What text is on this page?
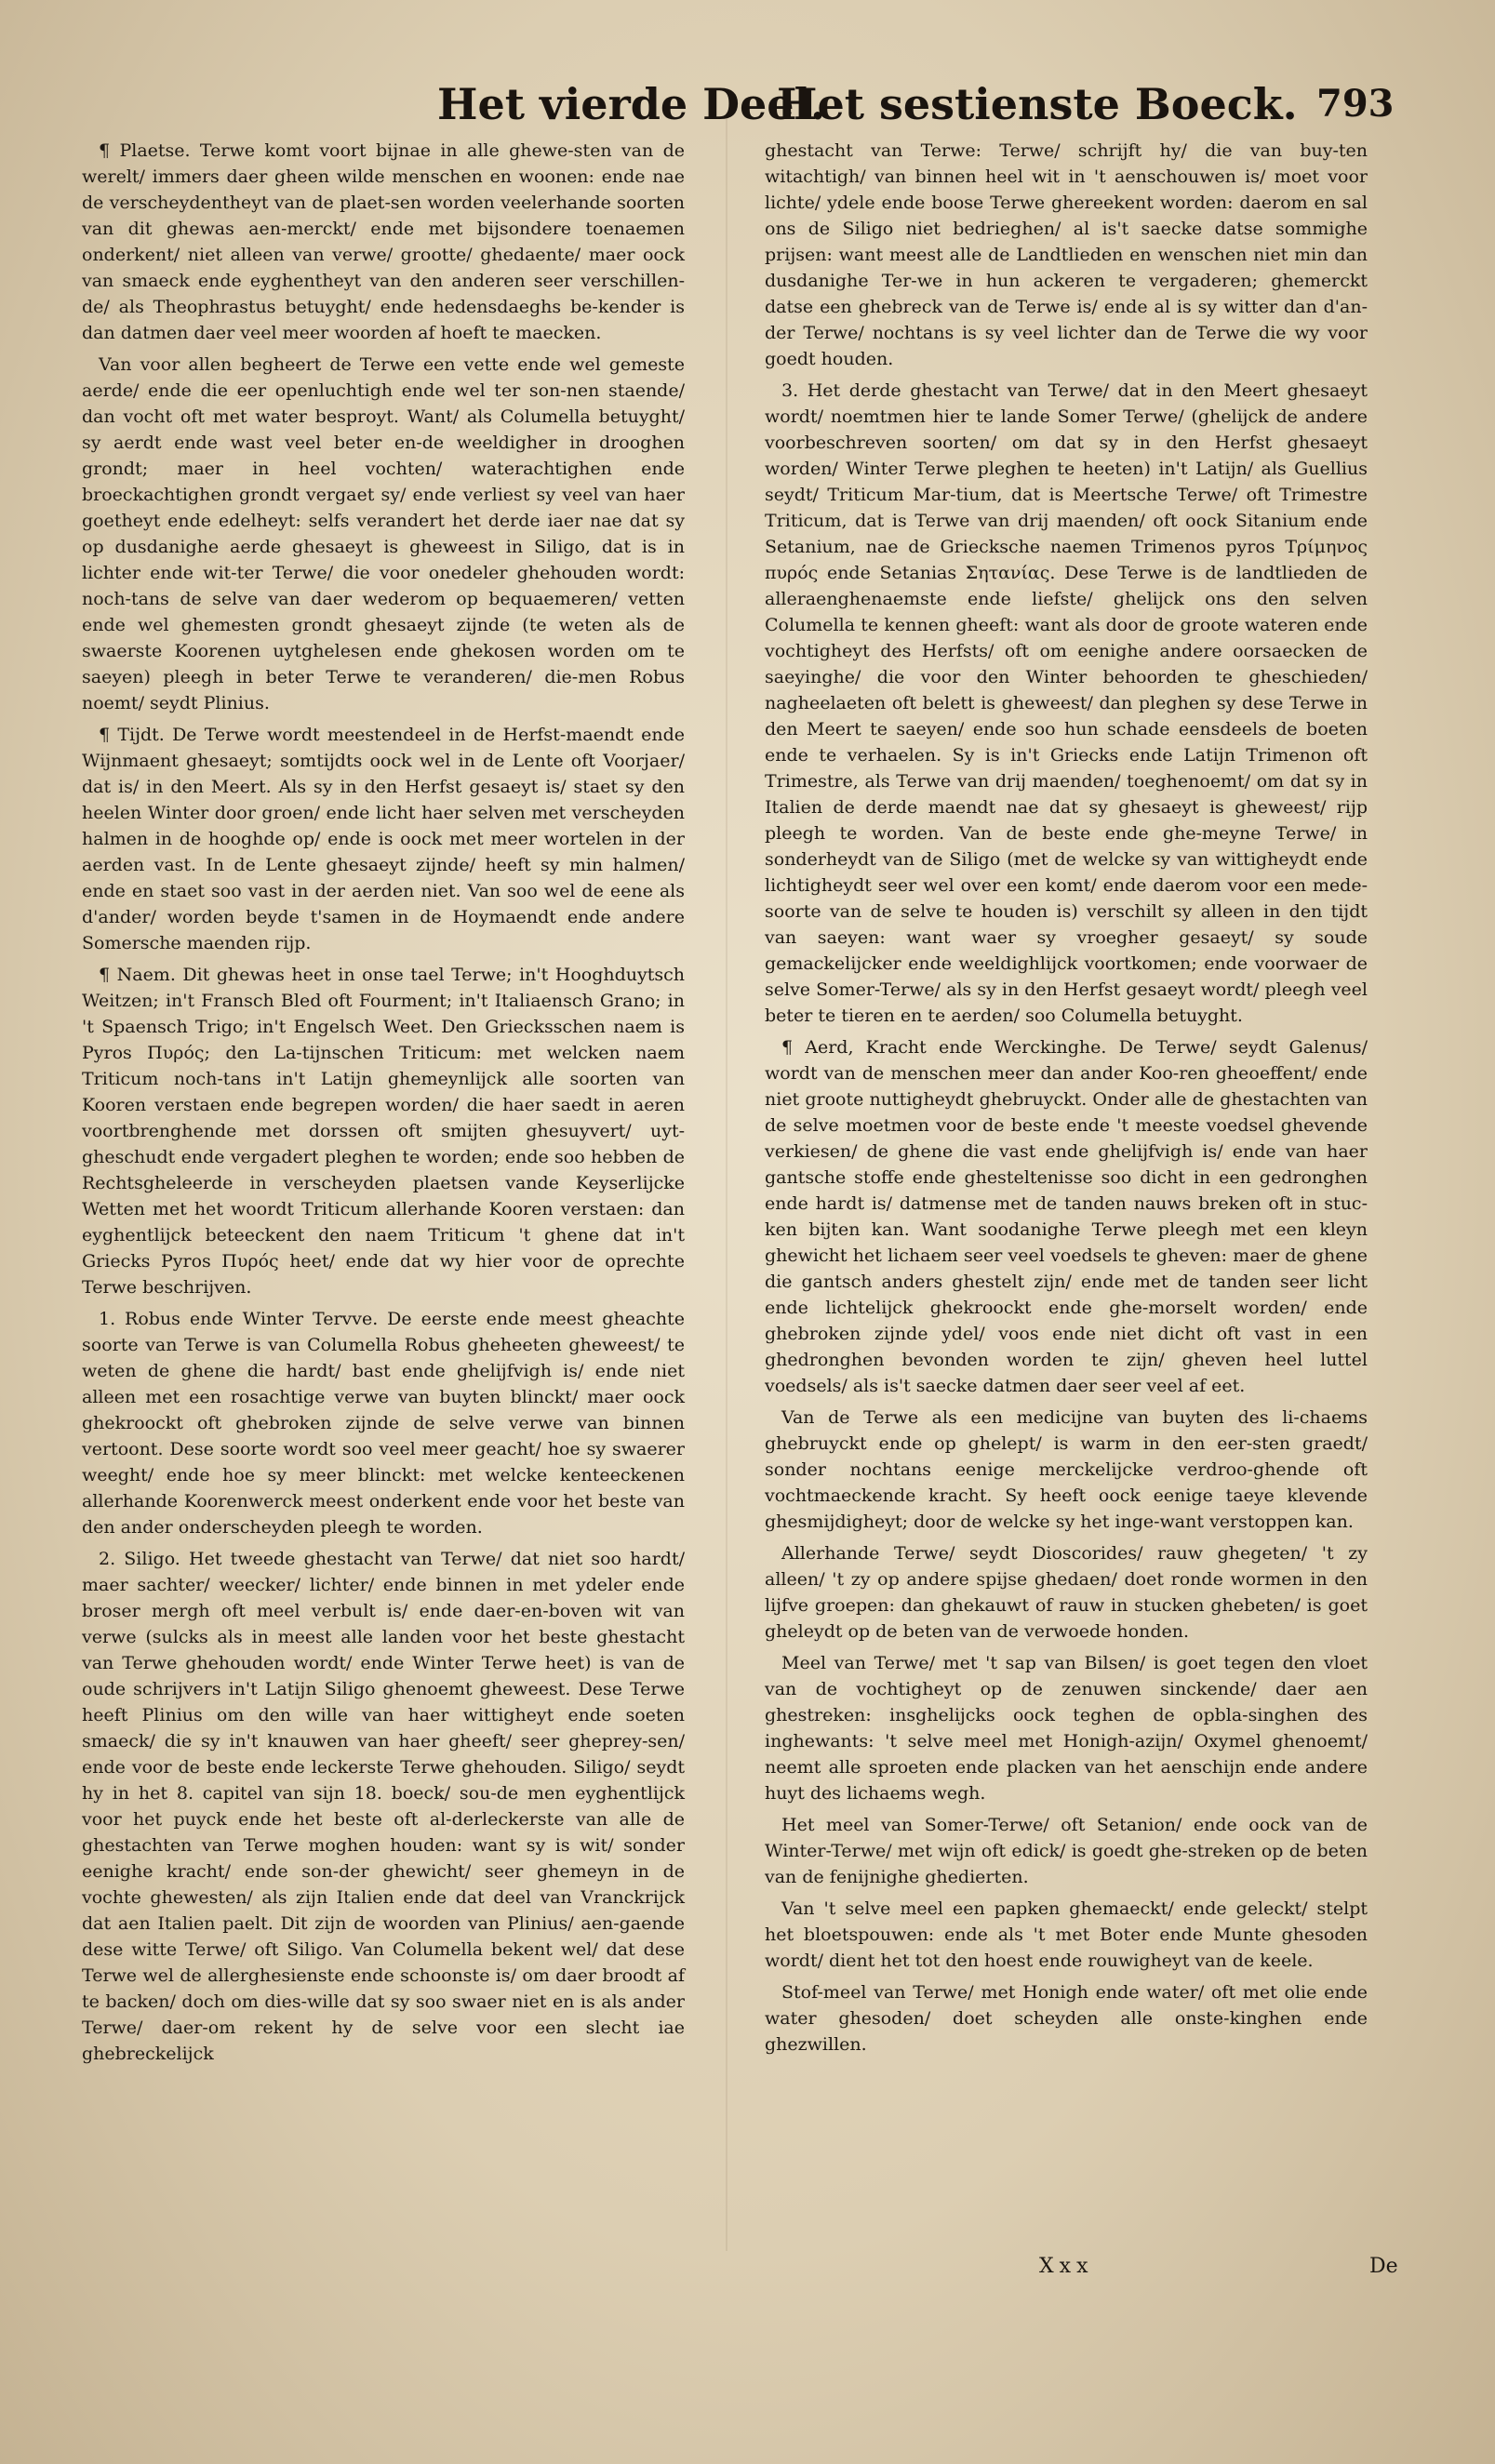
Het vierde Deel.
Het sestienste Boeck. 793

¶ Plaetse. Terwe komt voort bijnae in alle ghewe-sten van de werelt/ immers daer gheen wilde menschen en woonen: ende nae de verscheydentheyt van de plaet-sen worden veelerhande soorten van dit ghewas aen-merckt/ ende met bijsondere toenaemen onderkent/ niet alleen van verwe/ grootte/ ghedaente/ maer oock van smaeck ende eyghentheyt van den anderen seer verschillen-de/ als Theophrastus betuyght/ ende hedensdaeghs be-kender is dan datmen daer veel meer woorden af hoeft te maecken.

Van voor allen begheert de Terwe een vette ende wel gemeste aerde/ ende die eer openluchtigh ende wel ter son-nen staende/ dan vocht oft met water besproyt. Want/ als Columella betuyght/ sy aerdt ende wast veel beter en-de weeldigher in drooghen grondt; maer in heel vochten/ waterachtighen ende broeckachtighen grondt vergaet sy/ ende verliest sy veel van haer goetheyt ende edelheyt: selfs verandert het derde iaer nae dat sy op dusdanighe aerde ghesaeyt is gheweest in Siligo, dat is in lichter ende wit-ter Terwe/ die voor onedeler ghehouden wordt: noch-tans de selve van daer wederom op bequaemeren/ vetten ende wel ghemesten grondt ghesaeyt zijnde (te weten als de swaerste Koorenen uytghelesen ende ghekosen worden om te saeyen) pleegh in beter Terwe te veranderen/ die-men Robus noemt/ seydt Plinius.

¶ Tijdt. De Terwe wordt meestendeel in de Herfst-maendt ende Wijnmaent ghesaeyt; somtijdts oock wel in de Lente oft Voorjaer/ dat is/ in den Meert. Als sy in den Herfst gesaeyt is/ staet sy den heelen Winter door groen/ ende licht haer selven met verscheyden halmen in de hooghde op/ ende is oock met meer wortelen in der aerden vast. In de Lente ghesaeyt zijnde/ heeft sy min halmen/ ende en staet soo vast in der aerden niet. Van soo wel de eene als d'ander/ worden beyde t'samen in de Hoymaendt ende andere Somersche maenden rijp.

¶ Naem. Dit ghewas heet in onse tael Terwe; in't Hooghduytsch Weitzen; in't Fransch Bled oft Fourment; in't Italiaensch Grano; in 't Spaensch Trigo; in't Engelsch Weet. Den Griecksschen naem is Pyros Πυρός; den La-tijnschen Triticum: met welcken naem Triticum noch-tans in't Latijn ghemeynlijck alle soorten van Kooren verstaen ende begrepen worden/ die haer saedt in aeren voortbrenghende met dorssen oft smijten ghesuyvert/ uyt-gheschudt ende vergadert pleghen te worden; ende soo hebben de Rechtsgheleerde in verscheyden plaetsen vande Keyserlijcke Wetten met het woordt Triticum allerhande Kooren verstaen: dan eyghentlijck beteeckent den naem Triticum 't ghene dat in't Griecks Pyros Πυρός heet/ ende dat wy hier voor de oprechte Terwe beschrijven.

1. Robus ende Winter Tervve. De eerste ende meest gheachte soorte van Terwe is van Columella Robus gheheeten gheweest/ te weten de ghene die hardt/ bast ende ghelijfvigh is/ ende niet alleen met een rosachtige verwe van buyten blinckt/ maer oock ghekroockt oft ghebroken zijnde de selve verwe van binnen vertoont. Dese soorte wordt soo veel meer geacht/ hoe sy swaerer weeght/ ende hoe sy meer blinckt: met welcke kenteeckenen allerhande Koorenwerck meest onderkent ende voor het beste van den ander onderscheyden pleegh te worden.

2. Siligo. Het tweede ghestacht van Terwe/ dat niet soo hardt/ maer sachter/ weecker/ lichter/ ende binnen in met ydeler ende broser mergh oft meel verbult is/ ende daer-en-boven wit van verwe (sulcks als in meest alle landen voor het beste ghestacht van Terwe ghehouden wordt/ ende Winter Terwe heet) is van de oude schrijvers in't Latijn Siligo ghenoemt gheweest. Dese Terwe heeft Plinius om den wille van haer wittigheyt ende soeten smaeck/ die sy in't knauwen van haer gheeft/ seer gheprey-sen/ ende voor de beste ende leckerste Terwe ghehouden. Siligo/ seydt hy in het 8. capitel van sijn 18. boeck/ sou-de men eyghentlijck voor het puyck ende het beste oft al-derleckerste van alle de ghestachten van Terwe moghen houden: want sy is wit/ sonder eenighe kracht/ ende son-der ghewicht/ seer ghemeyn in de vochte ghewesten/ als zijn Italien ende dat deel van Vranckrijck dat aen Italien paelt. Dit zijn de woorden van Plinius/ aen-gaende dese witte Terwe/ oft Siligo. Van Columella bekent wel/ dat dese Terwe wel de allerghesienste ende schoonste is/ om daer broodt af te backen/ doch om dies-wille dat sy soo swaer niet en is als ander Terwe/ daer-om rekent hy de selve voor een slecht iae ghebreckelijck

ghestacht van Terwe: Terwe/ schrijft hy/ die van buy-ten witachtigh/ van binnen heel wit in 't aenschouwen is/ moet voor lichte/ ydele ende boose Terwe ghereekent worden: daerom en sal ons de Siligo niet bedrieghen/ al is't saecke datse sommighe prijsen: want meest alle de Landtlieden en wenschen niet min dan dusdanighe Ter-we in hun ackeren te vergaderen; ghemerckt datse een ghebreck van de Terwe is/ ende al is sy witter dan d'an-der Terwe/ nochtans is sy veel lichter dan de Terwe die wy voor goedt houden.

3. Het derde ghestacht van Terwe/ dat in den Meert ghesaeyt wordt/ noemtmen hier te lande Somer Terwe/ (ghelijck de andere voorbeschreven soorten/ om dat sy in den Herfst ghesaeyt worden/ Winter Terwe pleghen te heeten) in't Latijn/ als Guellius seydt/ Triticum Mar-tium, dat is Meertsche Terwe/ oft Trimestre Triticum, dat is Terwe van drij maenden/ oft oock Sitanium ende Setanium, nae de Griecksche naemen Trimenos pyros Τρίμηνος πυρός ende Setanias Σητανίας. Dese Terwe is de landtlieden de alleraenghenaemste ende liefste/ ghelijck ons den selven Columella te kennen gheeft: want als door de groote wateren ende vochtigheyt des Herfsts/ oft om eenighe andere oorsaecken de saeyinghe/ die voor den Winter behoorden te gheschieden/ nagheelaeten oft belett is gheweest/ dan pleghen sy dese Terwe in den Meert te saeyen/ ende soo hun schade eensdeels de boeten ende te verhaelen. Sy is in't Griecks ende Latijn Trimenon oft Trimestre, als Terwe van drij maenden/ toeghenoemt/ om dat sy in Italien de derde maendt nae dat sy ghesaeyt is gheweest/ rijp pleegh te worden. Van de beste ende ghe-meyne Terwe/ in sonderheydt van de Siligo (met de welcke sy van wittigheydt ende lichtigheydt seer wel over een komt/ ende daerom voor een mede-soorte van de selve te houden is) verschilt sy alleen in den tijdt van saeyen: want waer sy vroegher gesaeyt/ sy soude gemackelijcker ende weeldighlijck voortkomen; ende voorwaer de selve Somer-Terwe/ als sy in den Herfst gesaeyt wordt/ pleegh veel beter te tieren en te aerden/ soo Columella betuyght.

¶ Aerd, Kracht ende Werckinghe. De Terwe/ seydt Galenus/ wordt van de menschen meer dan ander Koo-ren gheoeffent/ ende niet groote nuttigheydt ghebruyckt. Onder alle de ghestachten van de selve moetmen voor de beste ende 't meeste voedsel ghevende verkiesen/ de ghene die vast ende ghelijfvigh is/ ende van haer gantsche stoffe ende ghesteltenisse soo dicht in een gedronghen ende hardt is/ datmense met de tanden nauws breken oft in stuc-ken bijten kan. Want soodanighe Terwe pleegh met een kleyn ghewicht het lichaem seer veel voedsels te gheven: maer de ghene die gantsch anders ghestelt zijn/ ende met de tanden seer licht ende lichtelijck ghekroockt ende ghe-morselt worden/ ende ghebroken zijnde ydel/ voos ende niet dicht oft vast in een ghedronghen bevonden worden te zijn/ gheven heel luttel voedsels/ als is't saecke datmen daer seer veel af eet.

Van de Terwe als een medicijne van buyten des li-chaems ghebruyckt ende op ghelept/ is warm in den eer-sten graedt/ sonder nochtans eenige merckelijcke verdroo-ghende oft vochtmaeckende kracht. Sy heeft oock eenige taeye klevende ghesmijdigheyt; door de welcke sy het inge-want verstoppen kan.

Allerhande Terwe/ seydt Dioscorides/ rauw ghegeten/ 't zy alleen/ 't zy op andere spijse ghedaen/ doet ronde wormen in den lijfve groepen: dan ghekauwt of rauw in stucken ghebeten/ is goet gheleydt op de beten van de verwoede honden.

Meel van Terwe/ met 't sap van Bilsen/ is goet tegen den vloet van de vochtigheyt op de zenuwen sinckende/ daer aen ghestreken: insghelijcks oock teghen de opbla-singhen des inghewants: 't selve meel met Honigh-azijn/ Oxymel ghenoemt/ neemt alle sproeten ende placken van het aenschijn ende andere huyt des lichaems wegh.

Het meel van Somer-Terwe/ oft Setanion/ ende oock van de Winter-Terwe/ met wijn oft edick/ is goedt ghe-streken op de beten van de fenijnighe ghedierten.

Van 't selve meel een papken ghemaeckt/ ende geleckt/ stelpt het bloetspouwen: ende als 't met Boter ende Munte ghesoden wordt/ dient het tot den hoest ende rouwigheyt van de keele.

Stof-meel van Terwe/ met Honigh ende water/ oft met olie ende water ghesoden/ doet scheyden alle onste-kinghen ende ghezwillen.

Xxx	De
